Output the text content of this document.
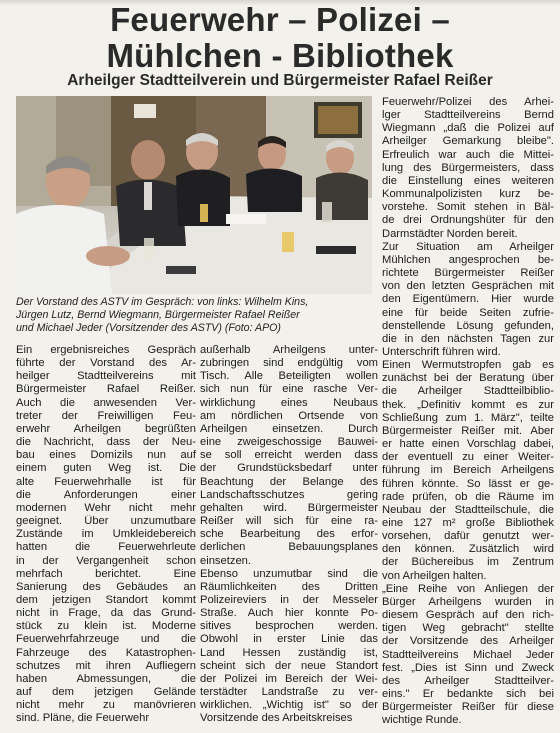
Feuerwehr – Polizei –
Mühlchen - Bibliothek
Arheilger Stadtteilverein und Bürgermeister Rafael Reißer
Der Vorstand des ASTV im Gespräch: von links: Wilhelm Kins,
Jürgen Lutz, Bernd Wiegmann, Bürgermeister Rafael Reißer
und Michael Jeder (Vorsitzender des ASTV) (Foto: APO)
Ein ergebnisreiches Gespräch
führte der Vorstand des Ar-
heilger Stadtteilvereins mit
Bürgermeister Rafael Reißer.
Auch die anwesenden Ver-
treter der Freiwilligen Feu-
erwehr Arheilgen begrüßten
die Nachricht, dass der Neu-
bau eines Domizils nun auf
einem guten Weg ist. Die
alte Feuerwehrhalle ist für
die Anforderungen einer
modernen Wehr nicht mehr
geeignet. Über unzumutbare
Zustände im Umkleidebereich
hatten die Feuerwehrleute
in der Vergangenheit schon
mehrfach berichtet. Eine
Sanierung des Gebäudes an
dem jetzigen Standort kommt
nicht in Frage, da das Grund-
stück zu klein ist. Moderne
Feuerwehrfahrzeuge und die
Fahrzeuge des Katastrophen-
schutzes mit ihren Aufliegern
haben Abmessungen, die
auf dem jetzigen Gelände
nicht mehr zu manövrieren
sind. Pläne, die Feuerwehr
außerhalb Arheilgens unter-
zubringen sind endgültig vom
Tisch. Alle Beteiligten wollen
sich nun für eine rasche Ver-
wirklichung eines Neubaus
am nördlichen Ortsende von
Arheilgen einsetzen. Durch
eine zweigeschossige Bauwei-
se soll erreicht werden dass
der Grundstücksbedarf unter
Beachtung der Belange des
Landschaftsschutzes gering
gehalten wird. Bürgermeister
Reißer will sich für eine ra-
sche Bearbeitung des erfor-
derlichen Bebauungsplanes
einsetzen.
Ebenso unzumutbar sind die
Räumlichkeiten des Dritten
Polizeireviers in der Messeler
Straße. Auch hier konnte Po-
sitives besprochen werden.
Obwohl in erster Linie das
Land Hessen zuständig ist,
scheint sich der neue Standort
der Polizei im Bereich der Wei-
terstädter Landstraße zu ver-
wirklichen. „Wichtig ist" so der
Vorsitzende des Arbeitskreises
Feuerwehr/Polizei des Arhei-
lger Stadtteilvereins Bernd
Wiegmann „daß die Polizei auf
Arheilger Gemarkung bleibe".
Erfreulich war auch die Mittei-
lung des Bürgermeisters, dass
die Einstellung eines weiteren
Kommunalpolizisten kurz be-
vorstehe. Somit stehen in Bäl-
de drei Ordnungshüter für den
Darmstädter Norden bereit.
Zur Situation am Arheilger
Mühlchen angesprochen be-
richtete Bürgermeister Reißer
von den letzten Gesprächen mit
den Eigentümern. Hier wurde
eine für beide Seiten zufrie-
denstellende Lösung gefunden,
die in den nächsten Tagen zur
Unterschrift führen wird.
Einen Wermutstropfen gab es
zunächst bei der Beratung über
die Arheilger Stadtteilbiblio-
thek. „Definitiv kommt es zur
Schließung zum 1. März", teilte
Bürgermeister Reißer mit. Aber
er hatte einen Vorschlag dabei,
der eventuell zu einer Weiter-
führung im Bereich Arheilgens
führen könnte. So lässt er ge-
rade prüfen, ob die Räume im
Neubau der Stadtteilschule, die
eine 127 m² große Bibliothek
vorsehen, dafür genutzt wer-
den können. Zusätzlich wird
der Büchereibus im Zentrum
von Arheilgen halten.
„Eine Reihe von Anliegen der
Bürger Arheilgens wurden in
diesem Gespräch auf den rich-
tigen Weg gebracht" stellte
der Vorsitzende des Arheilger
Stadtteilvereins Michael Jeder
fest. „Dies ist Sinn und Zweck
des Arheilger Stadtteilver-
eins." Er bedankte sich bei
Bürgermeister Reißer für diese
wichtige Runde.
